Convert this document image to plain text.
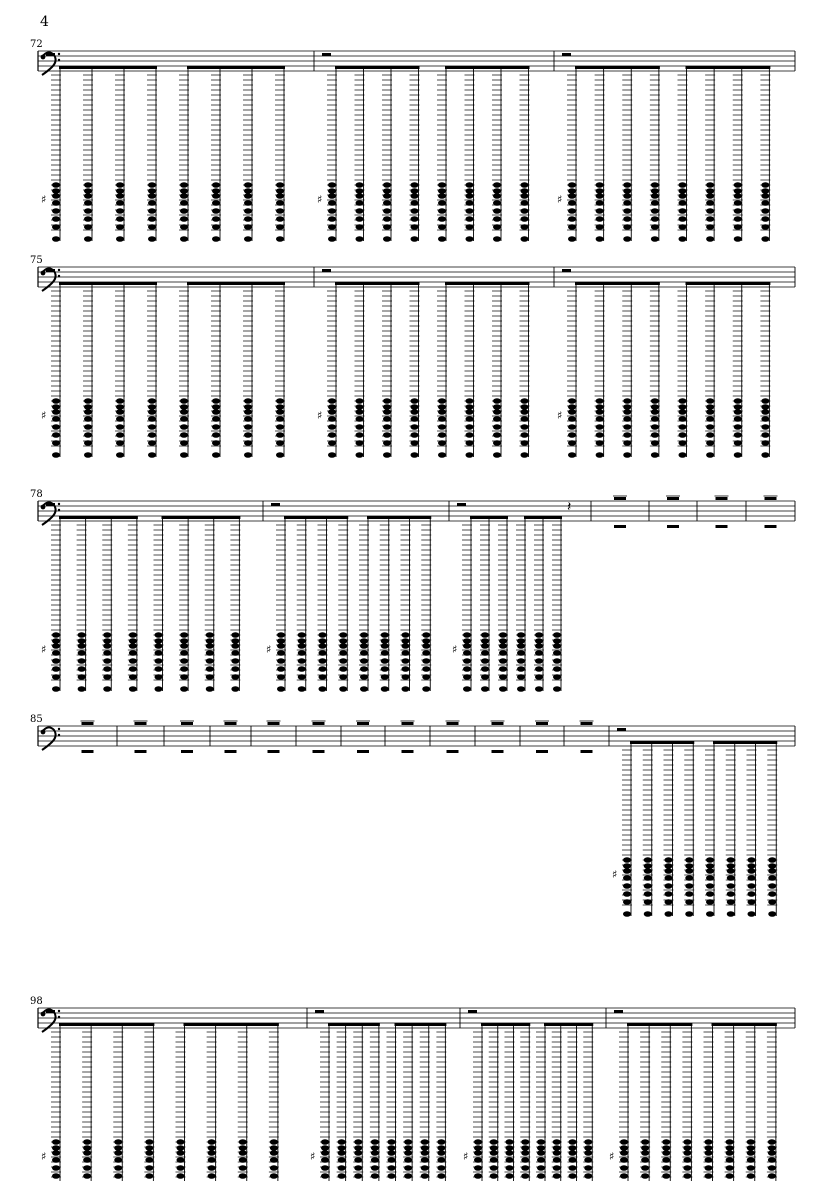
4
72
75
78
85
98
♯	♯	♯
♯	♯	♯
♯	♯	♯
𝄽
♯
♯	♯	♯	♯
